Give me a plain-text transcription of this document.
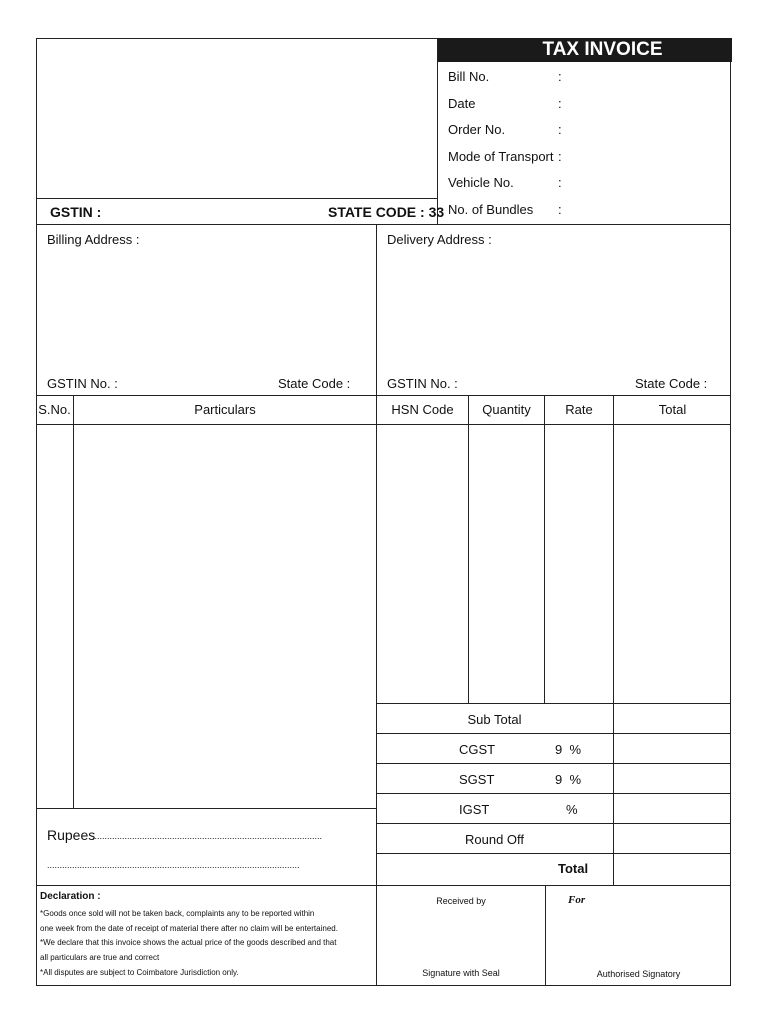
TAX INVOICE
GSTIN :	STATE CODE : 33
Bill No.	:
Date	:
Order No.	:
Mode of Transport :
Vehicle No.	:
No. of Bundles :
Billing Address :	Delivery Address :
GSTIN No. :	State Code :	GSTIN No. :	State Code :
S.No.	Particulars	HSN Code	Quantity	Rate	Total
Sub Total
CGST	9  %
SGST	9  %
IGST	%
Round Off
Total
Rupees
............................................................................................
.....................................................................................................
Declaration :
*Goods once sold will not be taken back, complaints any to be reported within
one week from the date of receipt of material there after no claim will be entertained.
*We declare that this invoice shows the actual price of the goods described and that
all particulars are true and correct
*All disputes are subject to Coimbatore Jurisdiction only.
Received by
Signature with Seal
For
Authorised Signatory
